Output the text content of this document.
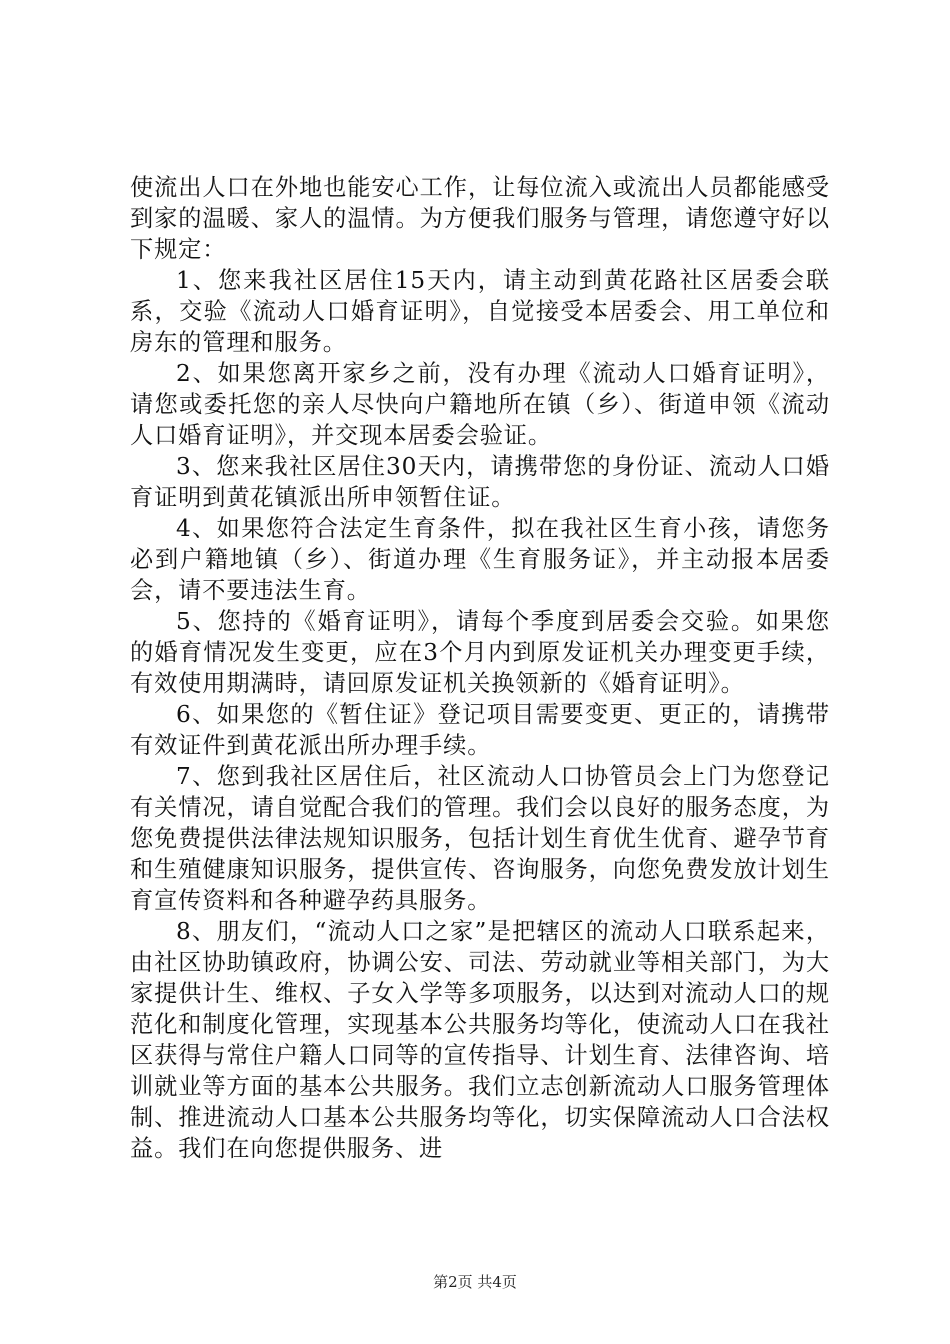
使流出人口在外地也能安心工作，让每位流入或流出人员都能感受到家的温暖、家人的温情。为方便我们服务与管理，请您遵守好以下规定：

1、您来我社区居住15天内，请主动到黄花路社区居委会联系，交验《流动人口婚育证明》，自觉接受本居委会、用工单位和房东的管理和服务。

2、如果您离开家乡之前，没有办理《流动人口婚育证明》，请您或委托您的亲人尽快向户籍地所在镇（乡）、街道申领《流动人口婚育证明》，并交现本居委会验证。

3、您来我社区居住30天内，请携带您的身份证、流动人口婚育证明到黄花镇派出所申领暂住证。

4、如果您符合法定生育条件，拟在我社区生育小孩，请您务必到户籍地镇（乡）、街道办理《生育服务证》，并主动报本居委会，请不要违法生育。

5、您持的《婚育证明》，请每个季度到居委会交验。如果您的婚育情况发生变更，应在3个月内到原发证机关办理变更手续，有效使用期满時，请回原发证机关换领新的《婚育证明》。

6、如果您的《暂住证》登记项目需要变更、更正的，请携带有效证件到黄花派出所办理手续。

7、您到我社区居住后，社区流动人口协管员会上门为您登记有关情况，请自觉配合我们的管理。我们会以良好的服务态度，为您免费提供法律法规知识服务，包括计划生育优生优育、避孕节育和生殖健康知识服务，提供宣传、咨询服务，向您免费发放计划生育宣传资料和各种避孕药具服务。

8、朋友们，“流动人口之家”是把辖区的流动人口联系起来，由社区协助镇政府，协调公安、司法、劳动就业等相关部门，为大家提供计生、维权、子女入学等多项服务，以达到对流动人口的规范化和制度化管理，实现基本公共服务均等化，使流动人口在我社区获得与常住户籍人口同等的宣传指导、计划生育、法律咨询、培训就业等方面的基本公共服务。我们立志创新流动人口服务管理体制、推进流动人口基本公共服务均等化，切实保障流动人口合法权益。我们在向您提供服务、进

第2页 共4页
